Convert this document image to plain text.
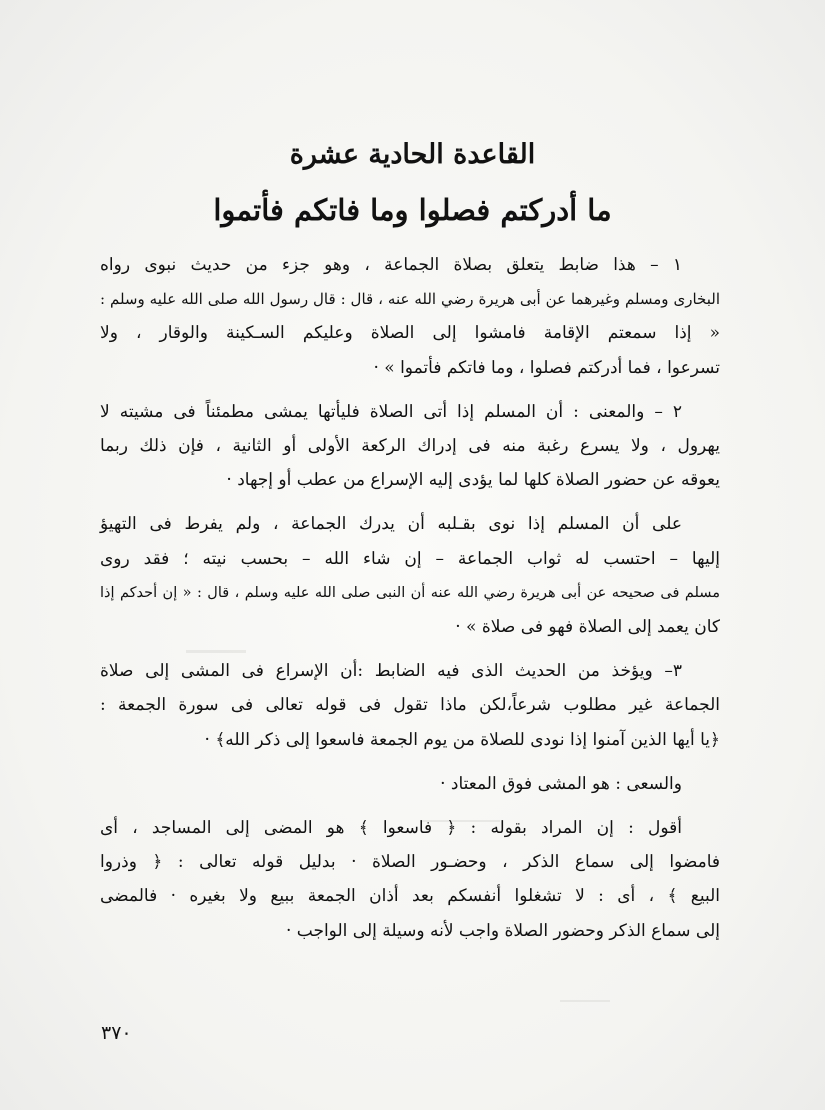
القاعدة الحادية عشرة
ما أدركتم فصلوا وما فاتكم فأتموا
١ – هذا ضابط يتعلق بصلاة الجماعة ، وهو جزء من حديث نبوى رواه
البخارى ومسلم وغيرهما عن أبى هريرة رضي الله عنه ، قال : قال رسول الله صلى الله عليه وسلم :
« إذا سمعتم الإقامة فامشوا إلى الصلاة وعليكم السـكينة والوقار ، ولا
تسرعوا ، فما أدركتم فصلوا ، وما فاتكم فأتموا » ·
٢ – والمعنى : أن المسلم إذا أتى الصلاة فليأتها يمشى مطمئناً فى مشيته لا
يهرول ، ولا يسرع رغبة منه فى إدراك الركعة الأولى أو الثانية ، فإن ذلك ربما
يعوقه عن حضور الصلاة كلها لما يؤدى إليه الإسراع من عطب أو إجهاد ·
على أن المسلم إذا نوى بقـلبه أن يدرك الجماعة ، ولم يفرط فى التهيؤ
إليها – احتسب له ثواب الجماعة – إن شاء الله – بحسب نيته ؛ فقد روى
مسلم فى صحيحه عن أبى هريرة رضي الله عنه أن النبى صلى الله عليه وسلم ، قال : « إن أحدكم إذا
كان يعمد إلى الصلاة فهو فى صلاة » ·
٣– ويؤخذ من الحديث الذى فيه الضابط :أن الإسراع فى المشى إلى صلاة
الجماعة غير مطلوب شرعاً،لكن ماذا تقول فى قوله تعالى فى سورة الجمعة :
﴿يا أيها الذين آمنوا إذا نودى للصلاة من يوم الجمعة فاسعوا إلى ذكر الله﴾ ·
والسعى : هو المشى فوق المعتاد ·
أقول : إن المراد بقوله : ﴿ فاسعوا ﴾ هو المضى إلى المساجد ، أى
فامضوا إلى سماع الذكر ، وحضـور الصلاة · بدليل قوله تعالى : ﴿ وذروا
البيع ﴾ ، أى : لا تشغلوا أنفسكم بعد أذان الجمعة ببيع ولا بغيره · فالمضى
إلى سماع الذكر وحضور الصلاة واجب لأنه وسيلة إلى الواجب ·
٣٧٠
